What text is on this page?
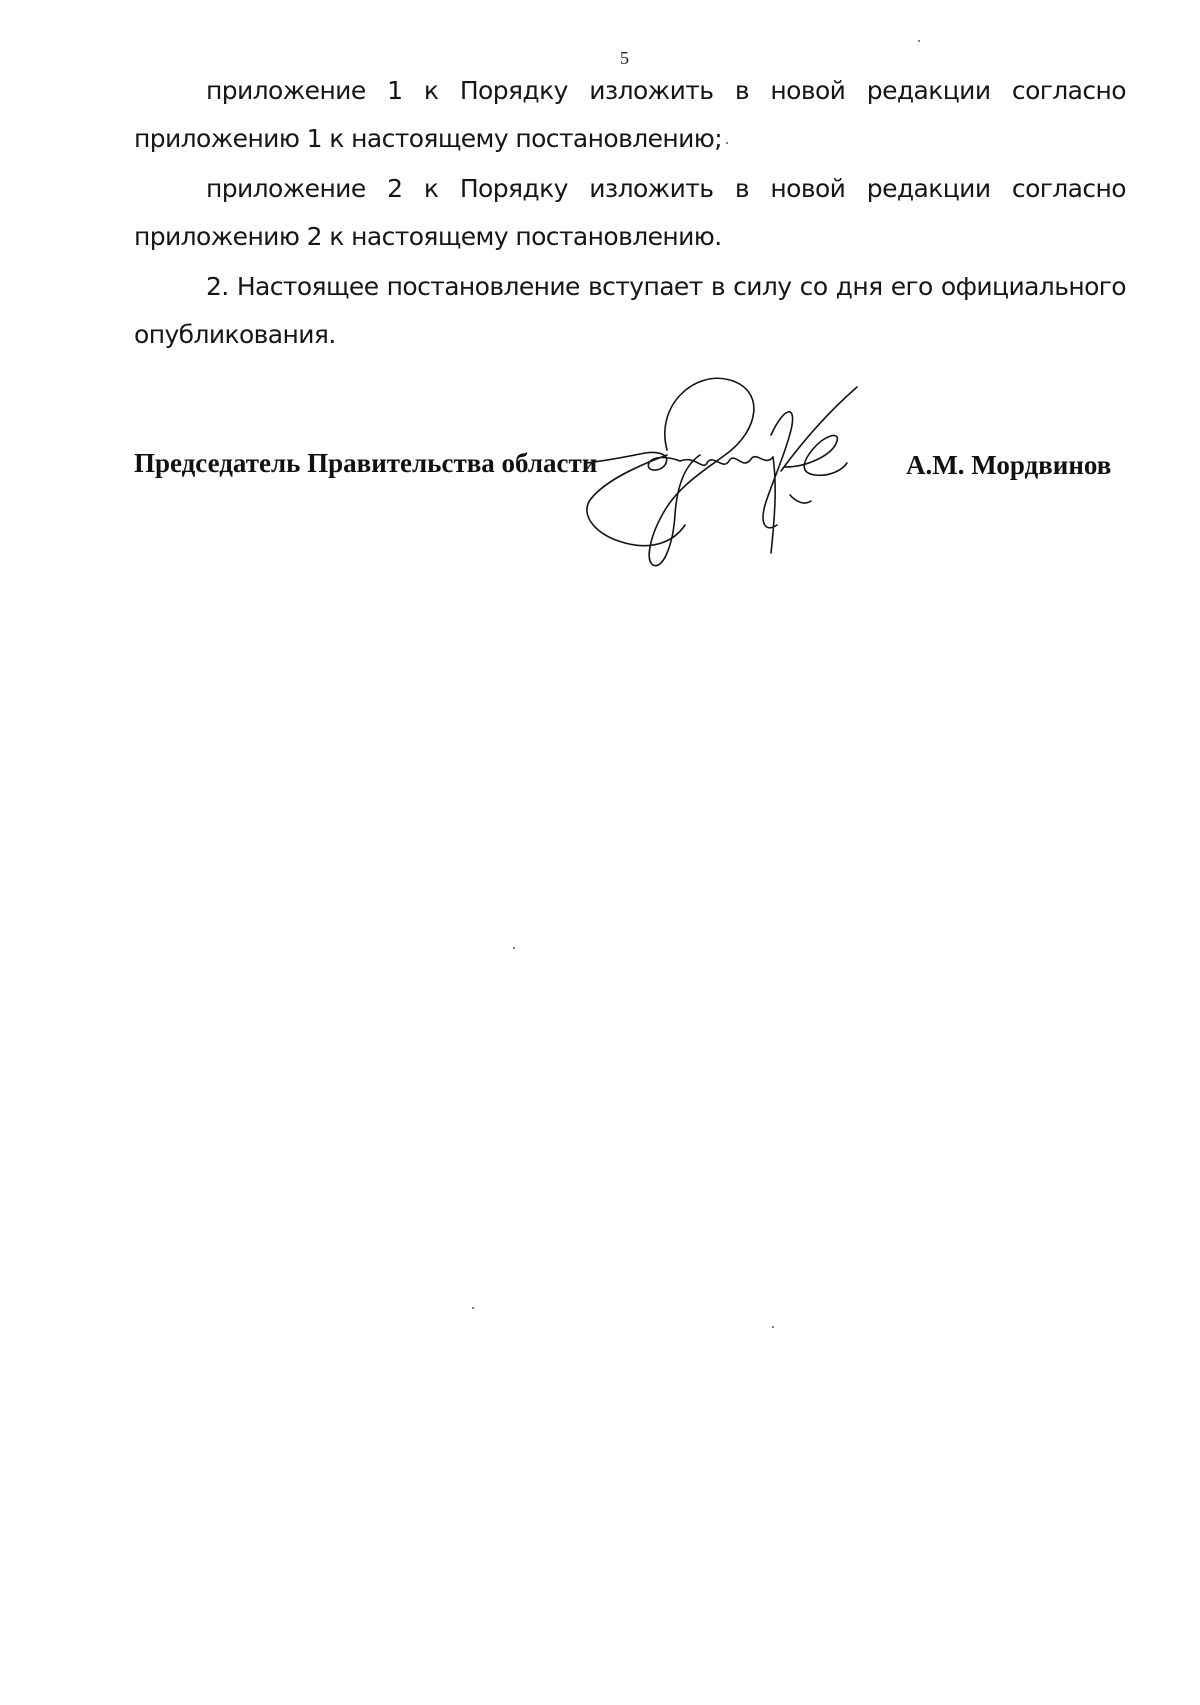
5

приложение 1 к Порядку изложить в новой редакции согласно приложению 1 к настоящему постановлению;

приложение 2 к Порядку изложить в новой редакции согласно приложению 2 к настоящему постановлению.

2. Настоящее постановление вступает в силу со дня его официального опубликования.

Председатель Правительства области	А.М. Мордвинов
